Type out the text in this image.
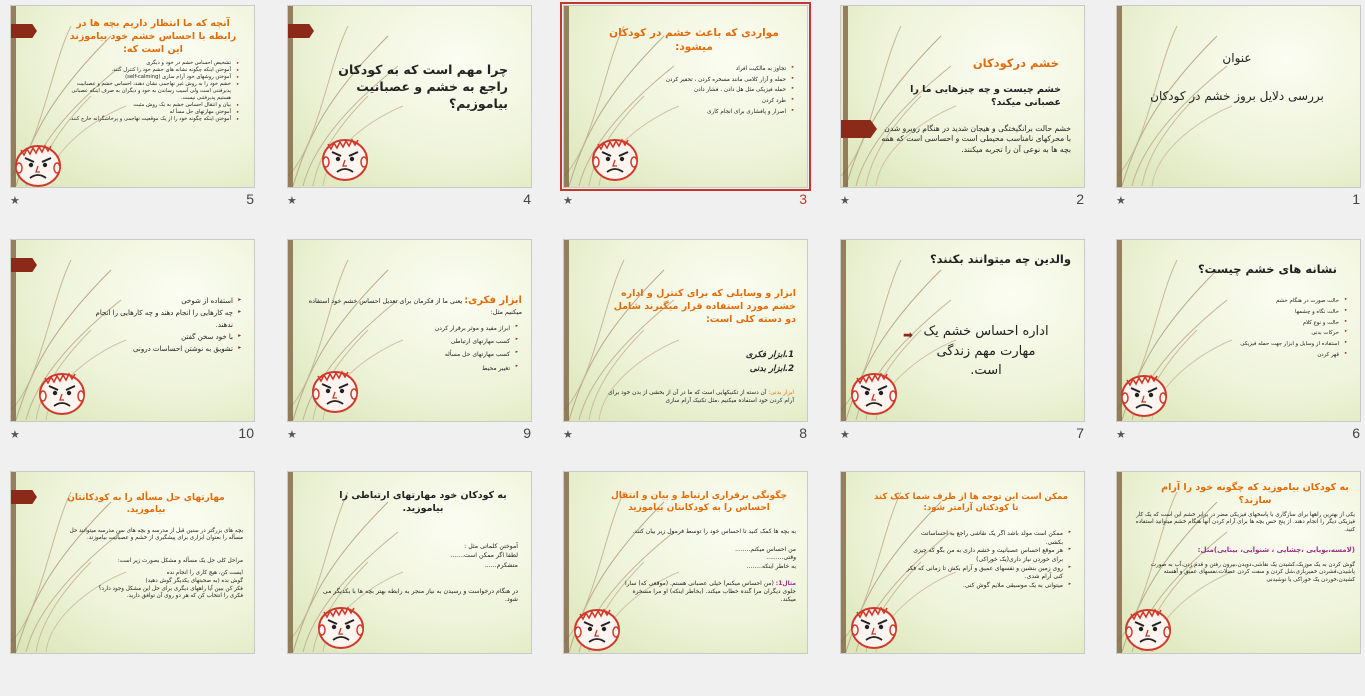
عنوان
بررسی دلایل بروز خشم در کودکان
★	1
خشم درکودکان
خشم چیست و چه چیزهایی ما را عصبانی میکند؟
خشم حالت برانگیختگی و هیجان شدید در هنگام روبرو شدن با محرکهای نامناسب محیطی است و احساسی است که همه بچه ها به نوعی آن را تجربه میکنند.
★	2
مواردی که باعث خشم در کودکان میشود:
▸ تجاوز به مالکیت افراد
▸ حمله و آزار کلامی مانند مسخره کردن ، تحقیر کردن
▸ حمله فیزیکی مثل هل دادن ، فشار دادن
▸ طرد کردن
▸ اصرار و پافشاری برای انجام کاری
★	3
چرا مهم است که به کودکان راجع به خشم و عصبانیت بیاموزیم؟
★	4
آنچه که ما انتظار داریم بچه ها در رابطه با احساس خشم خود بیاموزند این است که:
▸ تشخیص احساس خشم در خود و دیگری
▸ آموختن اینکه چگونه نشانه های خشم خود را کنترل کنند.
▸ آموختن روشهای خود آرام سازی (self-calming)
▸ خشم خود را به روش غیر تهاجمی نشان دهند، احساس خشم و عصبانیت پذیرفتنی است ولی آسیب رساندن به خود و دیگران به صرف اینکه عصبانی هستیم پذیرفتنی نیست.
▸ بیان و انتقال احساس خشم به یک روش مثبت
▸ آموختن مهارتهای حل مسأ له
▸ آموختن اینکه چگونه خود را از یک موقعیت تهاجمی و پرخاشگرانه خارج کنند.
★	5
نشانه های خشم چیست؟
▸ حالت صورت در هنگام خشم
▸ حالت نگاه و چشمها
▸ حالت و نوع کلام
▸ حرکات بدنی
▸ استفاده از وسایل و ابزار جهت حمله فیزیکی
▸ قهر کردن
★	6
والدین چه میتوانند بکنند؟
اداره احساس خشم یک مهارت مهم زندگی است.
➡
★	7
ابزار و وسایلی که برای کنترل و اداره خشم مورد استفاده قرار میگیرند شامل دو دسته کلی است:
1.ابزار فکری
2.ابزار بدنی
ابزار بدنی: آن دسته از تکنیکهایی است که ما در آن از بخشی از بدن خود برای آرام کردن خود استفاده میکنیم ،مثل تکنیک آرام سازی
★	8
ابزار فکری: یعنی ما از فکرمان برای تعدیل احساس خشم خود استفاده میکنیم مثل:
▸ ابراز مفید و موثر برقرار کردن
▸ کسب مهارتهای ارتباطی
▸ کسب مهارتهای حل مسأله
▸ تغییر محیط
★	9
▸ استفاده از شوخی
▸ چه کارهایی را انجام دهند و چه کارهایی را انجام ندهند.
▸ با خود سخن گفتن
▸ تشویق به نوشتن احساسات درونی
★	10
به کودکان بیاموزید که چگونه خود را آرام سازند؟
یکی از بهترین راهها برای سازگاری با پاسخهای فیزیکی مضر در برابر خشم این است که یک کار فیزیکی دیگر را انجام دهند. از پنج حس بچه ها برای آرام کردن آنها هنگام خشم میتوانید استفاده کنید.
(لامسه،بویایی ،چشایی ، شنوایی، بینایی)مثل:
گوش کردن به یک موزیک،کشیدن یک نقاشی،دویدن،بیرون رفتن و قدم زدن،آب به صورت پاشیدن،فشردن خمیربازی،شل کردن و سفت کردن عضلات،نفسهای عمیق و آهسته کشیدن،خوردن یک خوراکی یا نوشیدنی
ممکن است این توجه ها از طرف شما کمک کند تا کودکتان آرامتر شود:
▸ ممکن است مولد باشد اگر یک نقاشی راجع به احساساتت بکشی.
▸ هر موقع احساس عصبانیت و خشم داری به من بگو که چیزی برای خوردن نیاز داری(یک خوراکی)
▸ روی زمین بنشین و نفسهای عمیق و آرام بکش تا زمانی که فکر کنی آرام شدی.
▸ میتوانی به یک موسیقی ملایم گوش کنی.
چگونگی برقراری ارتباط و بیان و انتقال احساس را به کودکانتان بیاموزید
به بچه ها کمک کنید تا احساس خود را توسط فرمول زیر بیان کنند.
من احساس میکنم........
وقتی.........
به خاطر اینکه........
مثال1: (من احساس میکنم) خیلی عصبانی هستم. (موقعی که) سارا جلوی دیگران مرا گنده خطاب میکند. (بخاطر اینکه) او مرا مسخره میکند.
به کودکان خود مهارتهای ارتباطی را بیاموزید.
آموختن کلماتی مثل :
لطفا اگر ممکن است.......
متشکرم......
در هنگام درخواست و رسیدن به نیاز منجر به رابطه بهتر بچه ها با یکدیگر می شود.
مهارتهای حل مسأله را به کودکانتان بیاموزید.
بچه های بزرگتر در سنین قبل از مدرسه و بچه های سن مدرسه میتوانند حل مسأله را بعنوان ابزاری برای پیشگیری از خشم و عصبانیت بیاموزند.
مراحل کلی حل یک مسأله و مشکل بصورت زیر است:
ایست کن، هیچ کاری را انجام نده
گوش بده (به صحبتهای یکدیگر گوش دهید)
فکر کن ببین آیا راههای دیگری برای حل این مشکل وجود دارد؟
فکری را انتخاب کن که هر دو روی آن توافق دارید.
